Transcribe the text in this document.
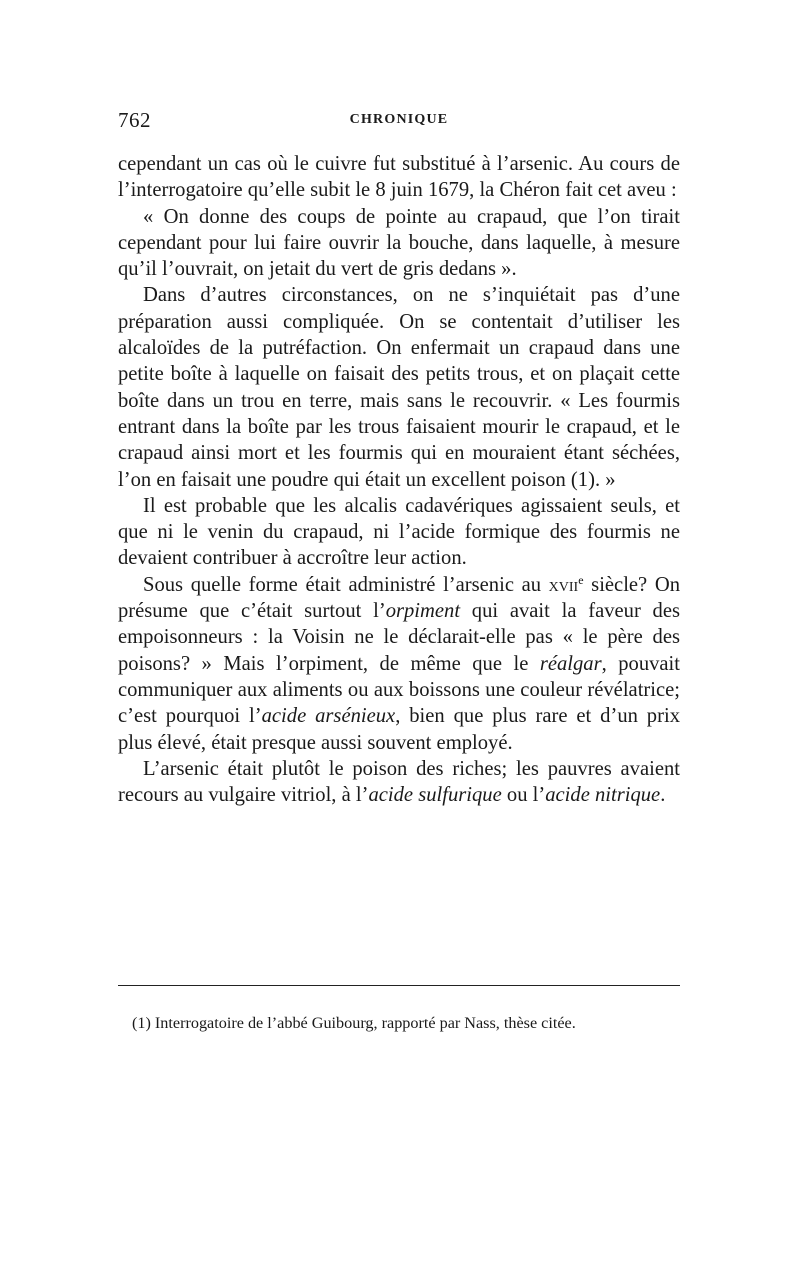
762	CHRONIQUE

cependant un cas où le cuivre fut substitué à l’arsenic. Au cours de l’interrogatoire qu’elle subit le 8 juin 1679, la Chéron fait cet aveu :

« On donne des coups de pointe au crapaud, que l’on tirait cependant pour lui faire ouvrir la bouche, dans laquelle, à mesure qu’il l’ouvrait, on jetait du vert de gris dedans ».

Dans d’autres circonstances, on ne s’inquiétait pas d’une préparation aussi compliquée. On se contentait d’utiliser les alcaloïdes de la putréfaction. On enfermait un crapaud dans une petite boîte à laquelle on faisait des petits trous, et on plaçait cette boîte dans un trou en terre, mais sans le recouvrir. « Les fourmis entrant dans la boîte par les trous faisaient mourir le crapaud, et le crapaud ainsi mort et les fourmis qui en mouraient étant séchées, l’on en faisait une poudre qui était un excellent poison (1). »

Il est probable que les alcalis cadavériques agissaient seuls, et que ni le venin du crapaud, ni l’acide formique des fourmis ne devaient contribuer à accroître leur action.

Sous quelle forme était administré l’arsenic au xvii$^e$ siècle? On présume que c’était surtout l’orpiment qui avait la faveur des empoisonneurs : la Voisin ne le déclarait-elle pas « le père des poisons? » Mais l’orpiment, de même que le réalgar, pouvait communiquer aux aliments ou aux boissons une couleur révélatrice; c’est pourquoi l’acide arsénieux, bien que plus rare et d’un prix plus élevé, était presque aussi souvent employé.

L’arsenic était plutôt le poison des riches; les pauvres avaient recours au vulgaire vitriol, à l’acide sulfurique ou l’acide nitrique.

(1) Interrogatoire de l’abbé Guibourg, rapporté par Nass, thèse citée.
